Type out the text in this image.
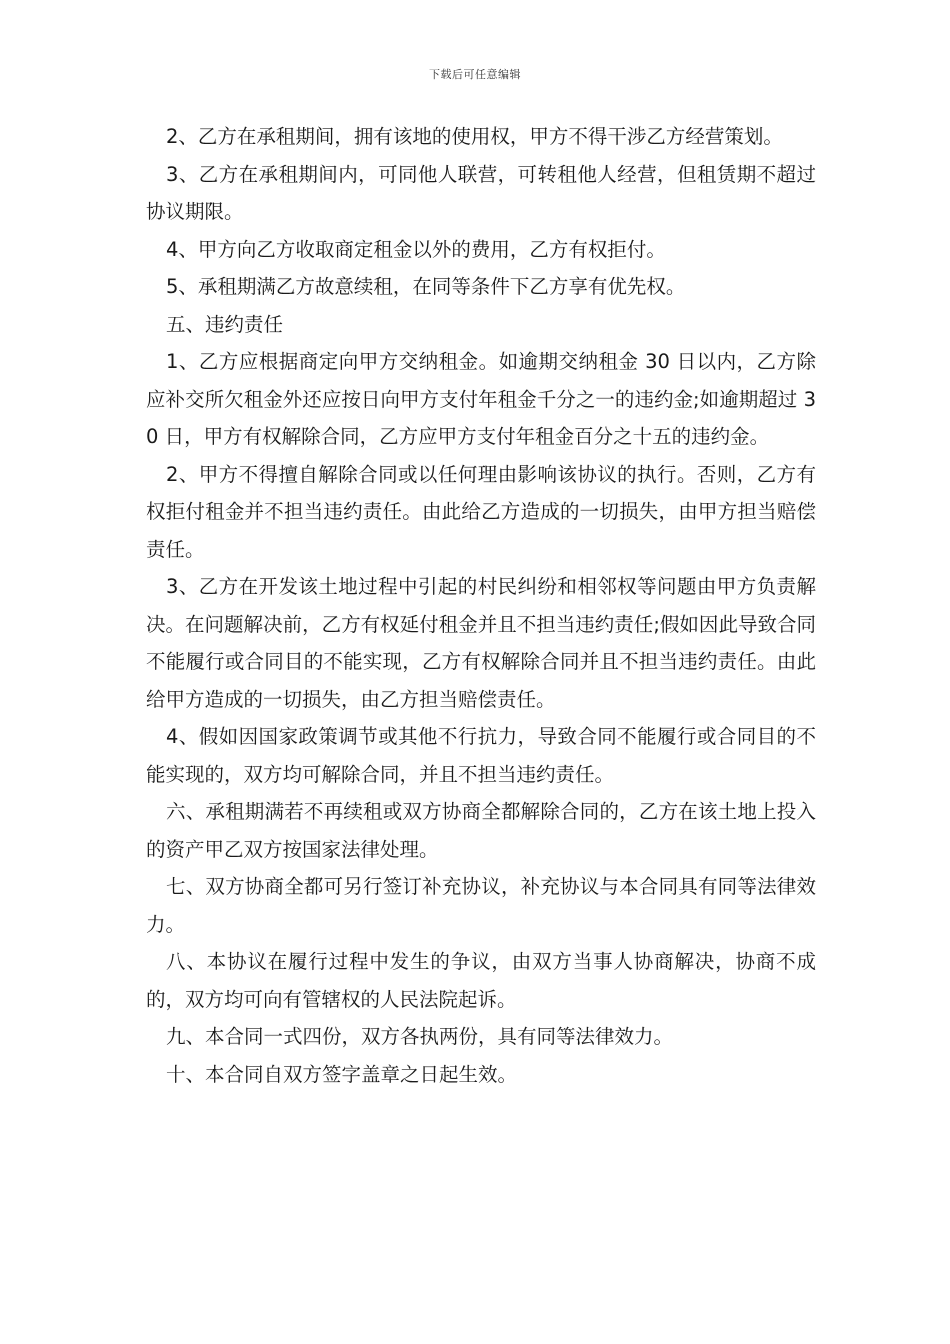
下载后可任意编辑

2、乙方在承租期间，拥有该地的使用权，甲方不得干涉乙方经营策划。

3、乙方在承租期间内，可同他人联营，可转租他人经营，但租赁期不超过协议期限。

4、甲方向乙方收取商定租金以外的费用，乙方有权拒付。

5、承租期满乙方故意续租，在同等条件下乙方享有优先权。

五、违约责任

1、乙方应根据商定向甲方交纳租金。如逾期交纳租金 30 日以内，乙方除应补交所欠租金外还应按日向甲方支付年租金千分之一的违约金;如逾期超过 30 日，甲方有权解除合同，乙方应甲方支付年租金百分之十五的违约金。

2、甲方不得擅自解除合同或以任何理由影响该协议的执行。否则，乙方有权拒付租金并不担当违约责任。由此给乙方造成的一切损失，由甲方担当赔偿责任。

3、乙方在开发该土地过程中引起的村民纠纷和相邻权等问题由甲方负责解决。在问题解决前，乙方有权延付租金并且不担当违约责任;假如因此导致合同不能履行或合同目的不能实现，乙方有权解除合同并且不担当违约责任。由此给甲方造成的一切损失，由乙方担当赔偿责任。

4、假如因国家政策调节或其他不行抗力，导致合同不能履行或合同目的不能实现的，双方均可解除合同，并且不担当违约责任。

六、承租期满若不再续租或双方协商全都解除合同的，乙方在该土地上投入的资产甲乙双方按国家法律处理。

七、双方协商全都可另行签订补充协议，补充协议与本合同具有同等法律效力。

八、本协议在履行过程中发生的争议，由双方当事人协商解决，协商不成的，双方均可向有管辖权的人民法院起诉。

九、本合同一式四份，双方各执两份，具有同等法律效力。

十、本合同自双方签字盖章之日起生效。
